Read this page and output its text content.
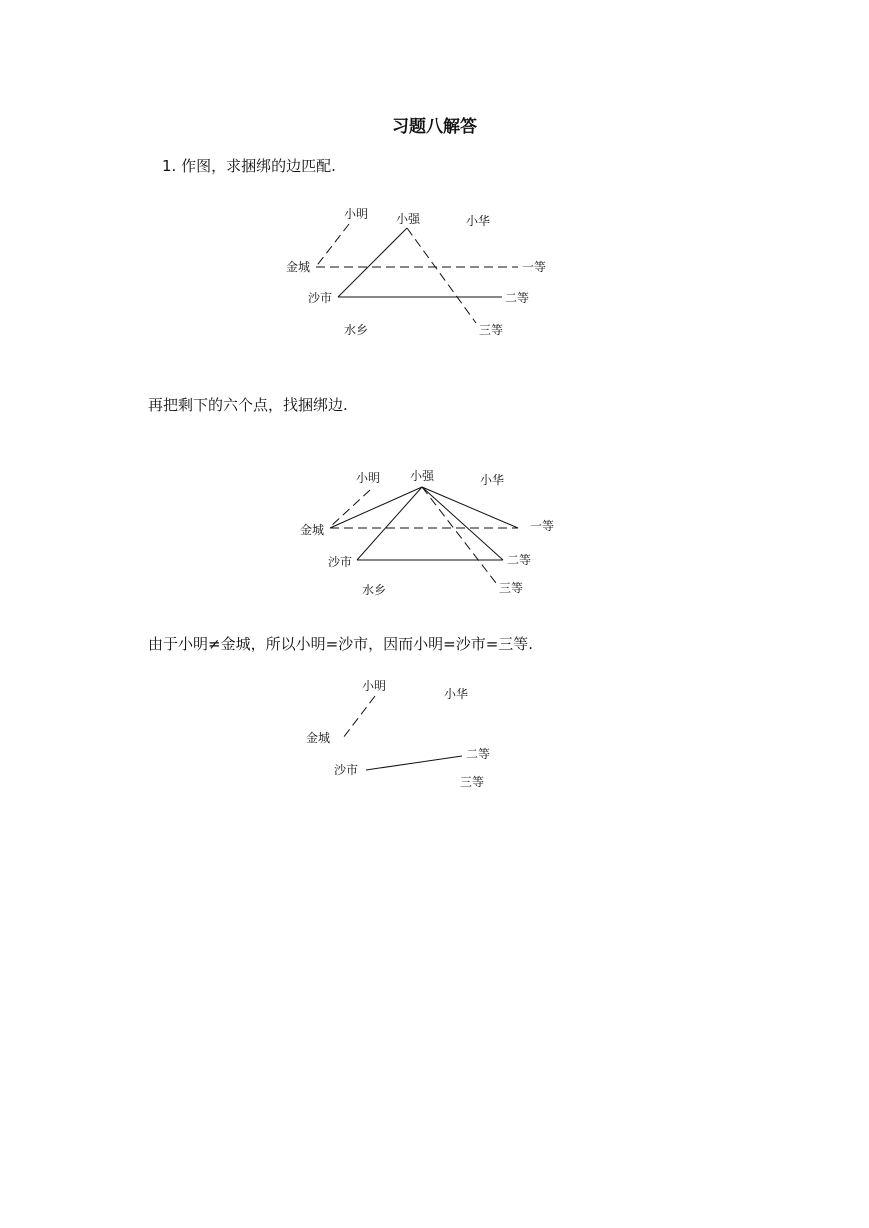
习题八解答
1. 作图，求捆绑的边匹配.
小明 小强	小华
金城
沙市
水乡
一等
二等
三等
再把剩下的六个点，找捆绑边.
小明 小强	小华
金城
沙市
水乡
一等
二等
三等
由于小明≠金城，所以小明=沙市，因而小明=沙市=三等.
小明
小华
金城
沙市
二等
三等
